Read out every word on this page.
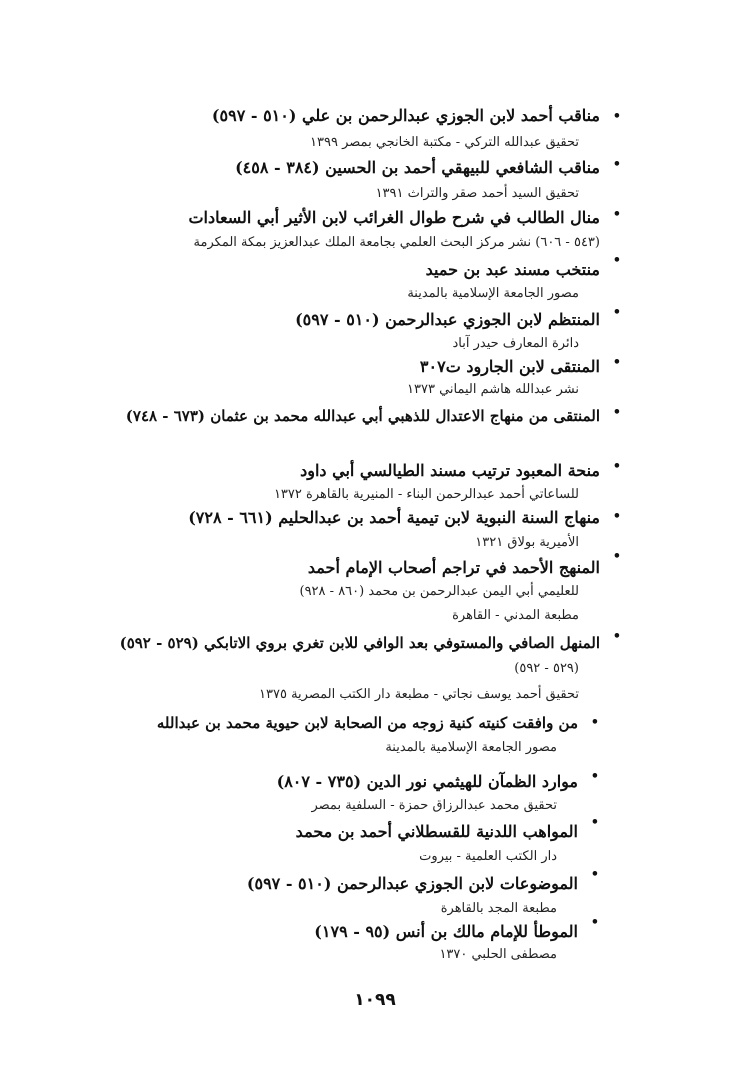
•
مناقب أحمد لابن الجوزي عبدالرحمن بن علي (٥١٠ - ٥٩٧)
تحقيق عبدالله التركي - مكتبة الخانجي بمصر ١٣٩٩
•
مناقب الشافعي للبيهقي أحمد بن الحسين (٣٨٤ - ٤٥٨)
تحقيق السيد أحمد صقر والتراث ١٣٩١
•
منال الطالب في شرح طوال الغرائب لابن الأثير أبي السعادات
(٥٤٣ - ٦٠٦) نشر مركز البحث العلمي بجامعة الملك عبدالعزيز بمكة المكرمة
•
منتخب مسند عبد بن حميد
مصور الجامعة الإسلامية بالمدينة
•
المنتظم لابن الجوزي عبدالرحمن (٥١٠ - ٥٩٧)
دائرة المعارف حيدر آباد
•
المنتقى لابن الجارود ت٣٠٧
نشر عبدالله هاشم اليماني ١٣٧٣
•
المنتقى من منهاج الاعتدال للذهبي أبي عبدالله محمد بن عثمان (٦٧٣ - ٧٤٨)
•
منحة المعبود ترتيب مسند الطيالسي أبي داود
للساعاتي أحمد عبدالرحمن البناء - المنيرية بالقاهرة ١٣٧٢
•
منهاج السنة النبوية لابن تيمية أحمد بن عبدالحليم (٦٦١ - ٧٢٨)
الأميرية بولاق ١٣٢١
•
المنهج الأحمد في تراجم أصحاب الإمام أحمد
للعليمي أبي اليمن عبدالرحمن بن محمد (٨٦٠ - ٩٢٨)
مطبعة المدني - القاهرة
•
المنهل الصافي والمستوفي بعد الوافي للابن تغري بروي الاتابكي (٥٢٩ - ٥٩٢)
(٥٢٩ - ٥٩٢)
تحقيق أحمد يوسف نجاتي - مطبعة دار الكتب المصرية ١٣٧٥
•
من وافقت كنيته كنية زوجه من الصحابة لابن حيوية محمد بن عبدالله
مصور الجامعة الإسلامية بالمدينة
•
موارد الظمآن للهيثمي نور الدين (٧٣٥ - ٨٠٧)
تحقيق محمد عبدالرزاق حمزة - السلفية بمصر
•
المواهب اللدنية للقسطلاني أحمد بن محمد
دار الكتب العلمية - بيروت
•
الموضوعات لابن الجوزي عبدالرحمن (٥١٠ - ٥٩٧)
مطبعة المجد بالقاهرة
•
الموطأ للإمام مالك بن أنس (٩٥ - ١٧٩)
مصطفى الحلبي ١٣٧٠
١٠٩٩
